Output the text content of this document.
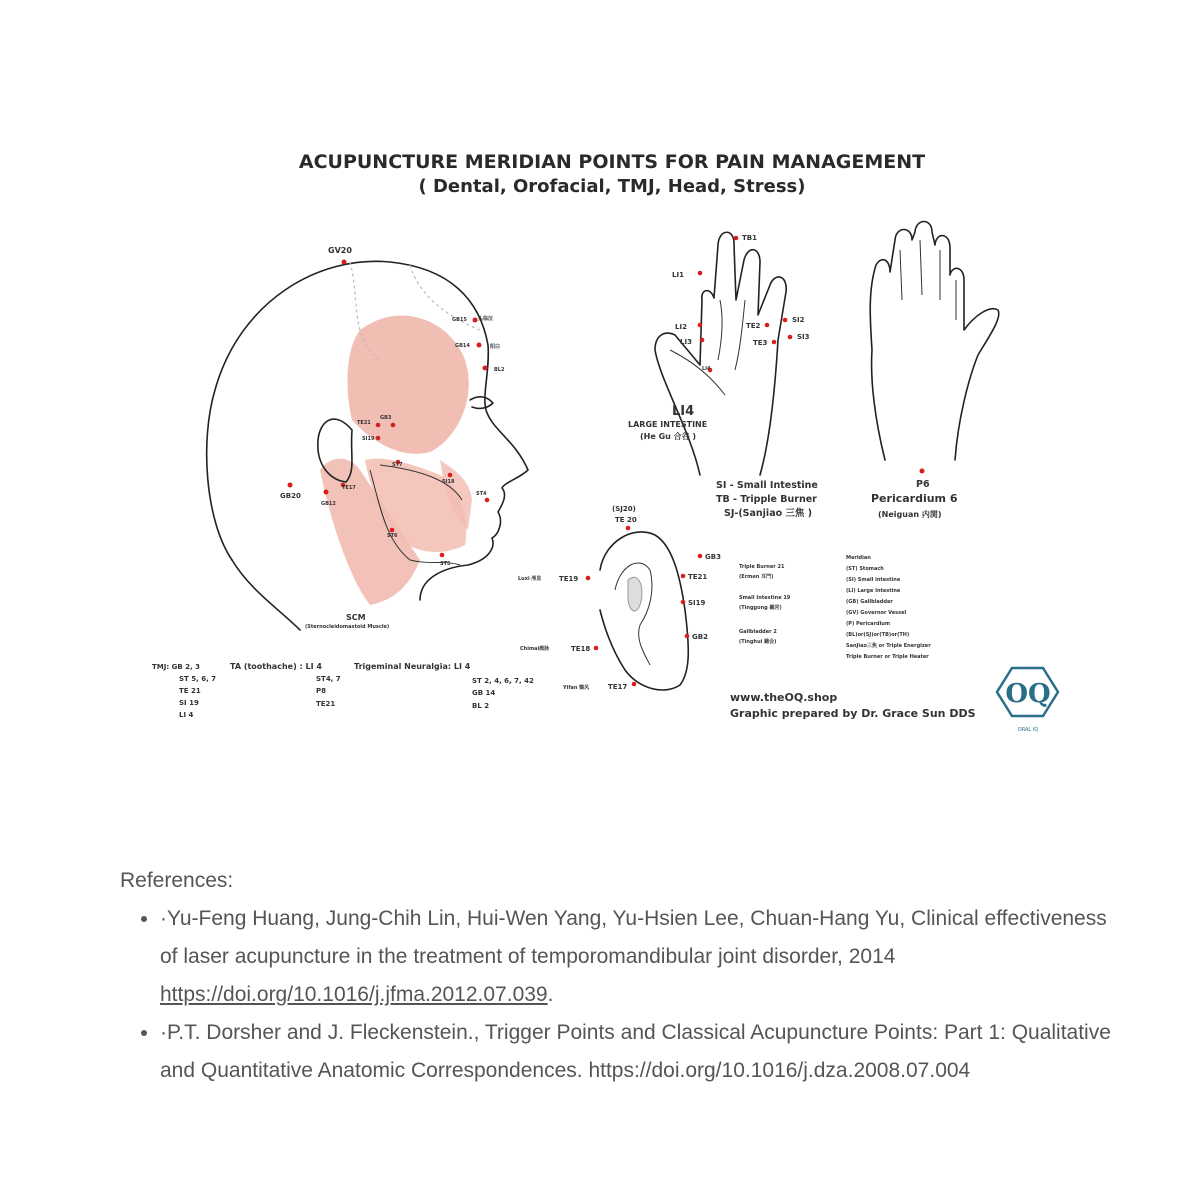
ACUPUNCTURE MERIDIAN POINTS FOR PAIN MANAGEMENT
( Dental, Orofacial, TMJ, Head, Stress)
GV20
GB15 头临泣
GB14	阳白
BL2
TE21
GB3
SI19
ST7
SI18
TE17
GB20
GB12
ST4
ST6
ST5
SCM
(Sternocleidomastoid Muscle)
TB1
LI1
LI2
LI3
LI4
TE2
TE3
SI2
SI3
LI4
LARGE INTESTINE
(He Gu 合谷 )
SI - Small Intestine
TB - Tripple Burner
SJ-(Sanjiao 三焦 )
P6
Pericardium 6
(Neiguan 内関)
(SJ20)
TE 20
Luxi 颅息	TE19
Chimai瘈脉	TE18
Yifan 翳风	TE17
GB3
TE21
SI19
GB2
Triple Burner 21
(Ermen 耳門)
Small Intestine 19
(Tinggong 聽宮)
Gallbladder 2
(Tinghui 聽会)
Meridian
(ST) Stomach
(SI) Small intestine
(LI) Large Intestine
(GB) Gallbladder
(GV) Governor Vessel
(P) Pericardium
(BL)or(SJ)or(TB)or(TH)
SanJiao三焦 or Triple Energizer
Triple Burner or Triple Heater
TMJ: GB 2, 3
ST 5, 6, 7
TE 21
SI 19
LI 4
TA (toothache) : LI 4
ST4, 7
P8
TE21
Trigeminal Neuralgia: LI 4
ST 2, 4, 6, 7, 42
GB 14
BL 2
www.theOQ.shop
Graphic prepared by Dr. Grace Sun DDS
OQ
ORAL IQ

References:

• ·Yu-Feng Huang, Jung-Chih Lin, Hui-Wen Yang, Yu-Hsien Lee, Chuan-Hang Yu, Clinical effectiveness of laser acupuncture in the treatment of temporomandibular joint disorder, 2014 https://doi.org/10.1016/j.jfma.2012.07.039.
• ·P.T. Dorsher and J. Fleckenstein., Trigger Points and Classical Acupuncture Points: Part 1: Qualitative and Quantitative Anatomic Correspondences. https://doi.org/10.1016/j.dza.2008.07.004
